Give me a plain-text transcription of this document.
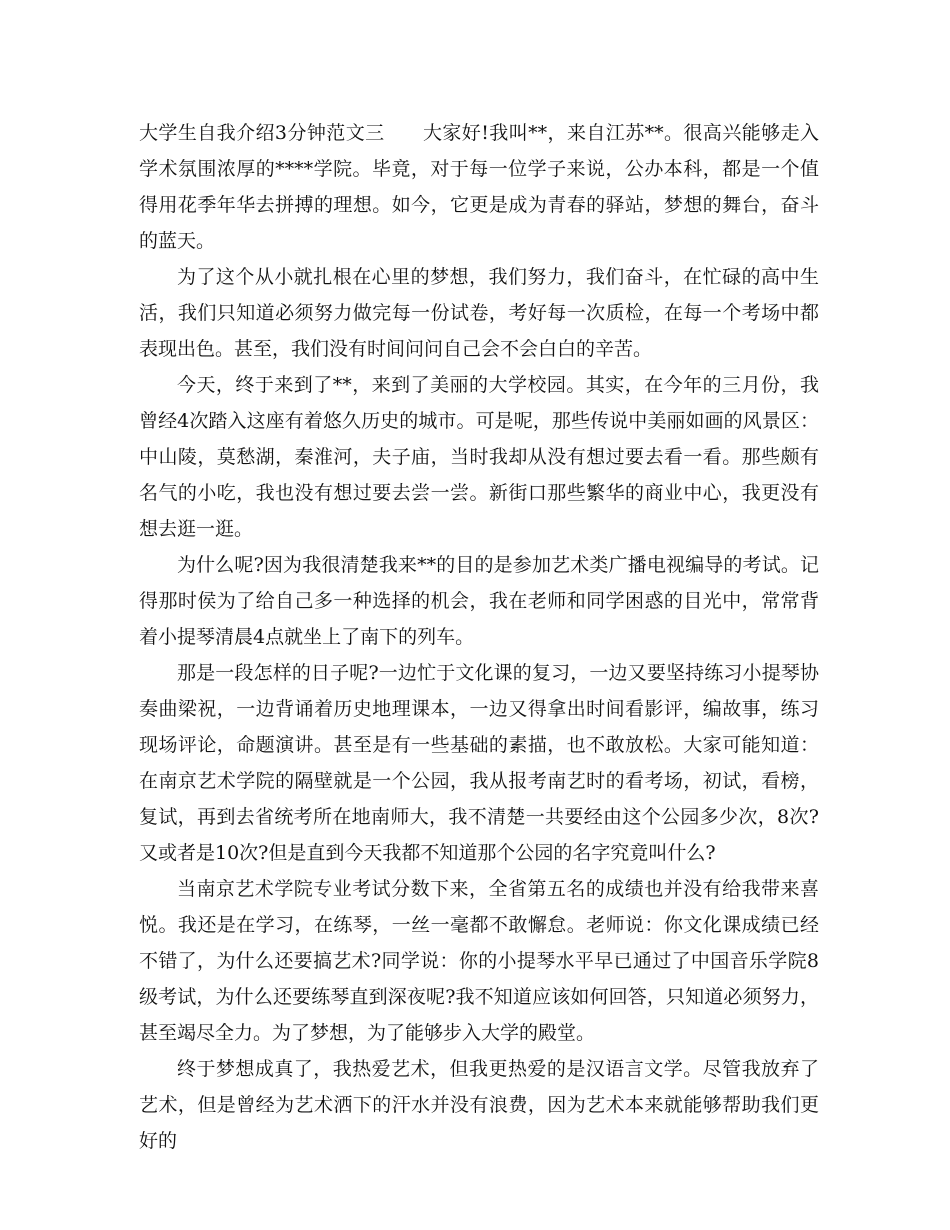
大学生自我介绍3分钟范文三 大家好!我叫**，来自江苏**。很高兴能够走入学术氛围浓厚的****学院。毕竟，对于每一位学子来说，公办本科，都是一个值得用花季年华去拼搏的理想。如今，它更是成为青春的驿站，梦想的舞台，奋斗的蓝天。

为了这个从小就扎根在心里的梦想，我们努力，我们奋斗，在忙碌的高中生活，我们只知道必须努力做完每一份试卷，考好每一次质检，在每一个考场中都表现出色。甚至，我们没有时间问问自己会不会白白的辛苦。

今天，终于来到了**，来到了美丽的大学校园。其实，在今年的三月份，我曾经4次踏入这座有着悠久历史的城市。可是呢，那些传说中美丽如画的风景区：中山陵，莫愁湖，秦淮河，夫子庙，当时我却从没有想过要去看一看。那些颇有名气的小吃，我也没有想过要去尝一尝。新街口那些繁华的商业中心，我更没有想去逛一逛。

为什么呢?因为我很清楚我来**的目的是参加艺术类广播电视编导的考试。记得那时侯为了给自己多一种选择的机会，我在老师和同学困惑的目光中，常常背着小提琴清晨4点就坐上了南下的列车。

那是一段怎样的日子呢?一边忙于文化课的复习，一边又要坚持练习小提琴协奏曲梁祝，一边背诵着历史地理课本，一边又得拿出时间看影评，编故事，练习现场评论，命题演讲。甚至是有一些基础的素描，也不敢放松。大家可能知道：在南京艺术学院的隔壁就是一个公园，我从报考南艺时的看考场，初试，看榜，复试，再到去省统考所在地南师大，我不清楚一共要经由这个公园多少次，8次?又或者是10次?但是直到今天我都不知道那个公园的名字究竟叫什么?

当南京艺术学院专业考试分数下来，全省第五名的成绩也并没有给我带来喜悦。我还是在学习，在练琴，一丝一毫都不敢懈怠。老师说：你文化课成绩已经不错了，为什么还要搞艺术?同学说：你的小提琴水平早已通过了中国音乐学院8级考试，为什么还要练琴直到深夜呢?我不知道应该如何回答，只知道必须努力，甚至竭尽全力。为了梦想，为了能够步入大学的殿堂。

终于梦想成真了，我热爱艺术，但我更热爱的是汉语言文学。尽管我放弃了艺术，但是曾经为艺术洒下的汗水并没有浪费，因为艺术本来就能够帮助我们更好的
